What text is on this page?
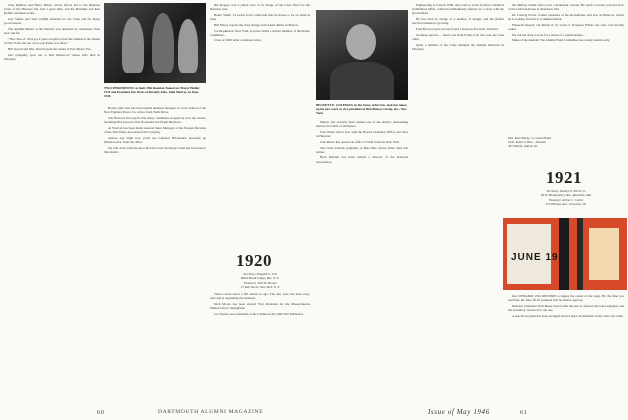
Chet DeMoss and Harry Henry, whose efforts led to the Reunion Class of the Hanover Inn, had a great time, and the Hawkins and Ken Rollins attended as fine.

Guy Shuler and Tom Griffith attended for the Class and for many good reasons.

The Alumni Dinner at the Waldorf was attended by classmates from near and far.

“The class of 1914 got a great reception from the alumni at the dinner in New York and our own Leon Parks was there.”

Bill Sewall and Mrs. Sewall spent the winter at Fort Myers, Fla.

Our sympathy goes out to Red Kirkwood whose wife died in February.

TWO PINKERTONS: at their 25th Reunion Tomorrow Mayer Hedley 1914 and President Jim Davis of Dorothy Fido, John Murray, in June 1939.

Howie Gale who has been named business manager at a new station of the New England Power Co. writes from Wells River.

The Hanover Inn reports that many classmates stopped by over the winter, including Hal Atwood, Don Norstrand and Frank Morrison.

Al Wolcott has been made General Sales Manager of the Eastern Division of the Title Water Associated Oil Company.

Almost any night now you'll see Clarence Brissenden motoring up Madison Ave. from the office.

We will close with the news that the Class Secretary's mail has been heavy this month.

Rip Rogers, new London tract, is in charge of the Class Fund for the Reunion year.

Heber Smith '14 writes from California that he hopes to be on hand in June.

Bill Emery reports the class doings at the latest dinner in Boston.

Joe Hopkinson, New York, is in the 1920s a charter member of the dinner committee.

Class of 1920 letter continues below.

1920
Secretary, Shepard G. Fox
Blind Brook Lodge, Rye, N. Y.
Treasurer, John H. Brown
15 Wall Street, New York, N. Y.

There's news about a fall season so ago. The new year, has been long-tone and is expanding the business.

Dick Moore has been elected Vice President for the Massachusetts Mutual Life in Springfield.

Joe Weaver was Chairman of the Cabinet at the 1920 War Memorial.

60	DARTMOUTH ALUMNI MAGAZINE
BECKETT E. COLEMAN, in the Army, John Van. Jack has taken up his new work as vice president of Distributors Group, Inc., New York.

Manor, has recently been named one of the Army's outstanding men by the Chief of Ordnance.

Jack Weiss Vail is now with the Boston Ordnance Office and lives in Hanover.

Jack Moser has opened an office on Wall Street in New York.

The Class extends sympathy to Ben Hale whose father died this winter.

Herb Kilburn has been named a director of the National Association.

Engineering at Case in 1939, then went to work for Ross Chemical in Midland, Mich., where he immediately entered on a career with the government.

He has been in charge of a number of design, and the Reflex Service business is growing.

Fred Brown reports he has found a house in Norwich, Vermont.

Graduate reports — here's one from Frank Cole who sees the class often.

Quite a number of the Class attended the Alumni luncheon in February.

the military ladder and is now a lieutenant colonel. He sends a lovely postcard view of the farm landscape at Aberdeen, Md.

Dr. Ludwig Ferrer, former president of the Rockefeller, and now in Hanover, writes he is looking forward to Commencement.

Financial Report: On March 8, by word of Treasurer Elliott, the class was fiscally sound.

We ask the class to look for a return of a questionnaire.

Make of the Alumni: The Alumni Fund Committee has wisely started early.

Mrs. Kate Hardy, c/o Great Plains
Tech, Route 2, Box—Wonton
455 Wilton, Jailton, Ill.
1921
Secretary, Stanley E. Pierce Jr.
90 W. Montgomery Ave., Rockville, Md.
Treasurer, Arthur L. Culver
525 Hinman Ave., Evanston, Ill.

Our DYNAMIC 25th REUNION occupies the center of the stage. By the time you read this, the June 18-19 weekend will be almost upon us.

Reunion Chairman Walt Bauer reports that the tent is ordered, the band engaged, and the dormitory reserved for our use.

A special program has been arranged and we hope all members of the class can come.

Issue of May 1946	61
JUNE 19
